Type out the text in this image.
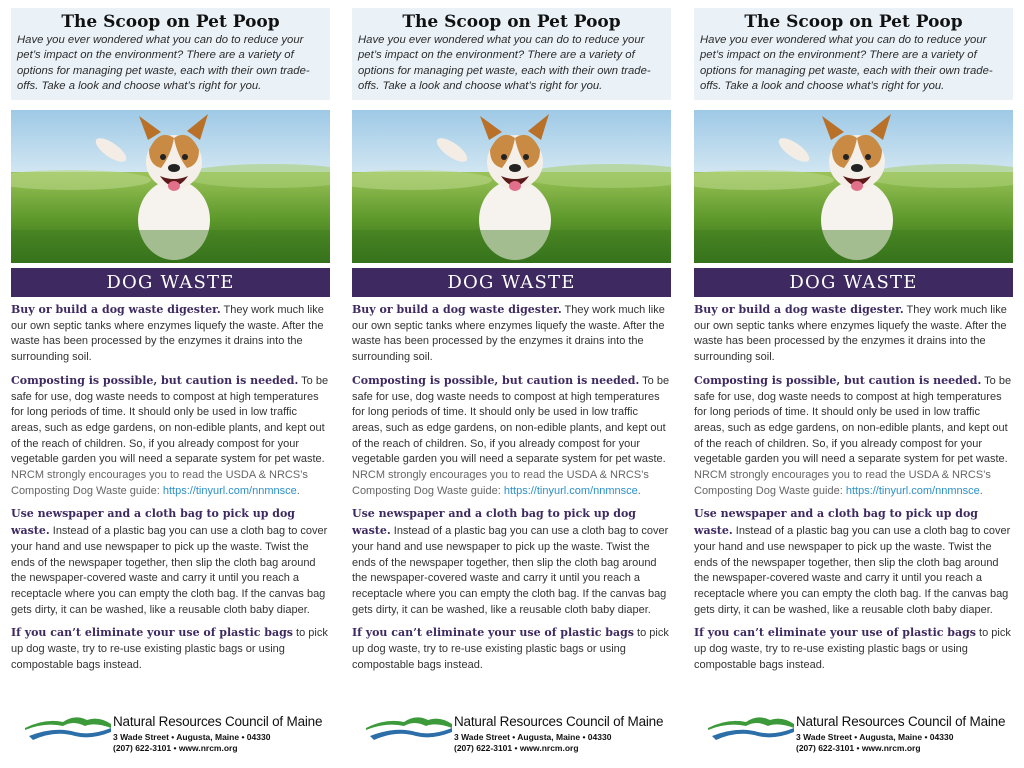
The Scoop on Pet Poop

Have you ever wondered what you can do to reduce your pet’s impact on the environment? There are a variety of options for managing pet waste, each with their own trade-offs. Take a look and choose what’s right for you.

DOG WASTE

Buy or build a dog waste digester. They work much like our own septic tanks where enzymes liquefy the waste. After the waste has been processed by the enzymes it drains into the surrounding soil.

Composting is possible, but caution is needed. To be safe for use, dog waste needs to compost at high temperatures for long periods of time. It should only be used in low traffic areas, such as edge gardens, on non-edible plants, and kept out of the reach of children. So, if you already compost for your vegetable garden you will need a separate system for pet waste. NRCM strongly encourages you to read the USDA & NRCS’s Composting Dog Waste guide: https://tinyurl.com/nnmnsce.

Use newspaper and a cloth bag to pick up dog waste. Instead of a plastic bag you can use a cloth bag to cover your hand and use newspaper to pick up the waste. Twist the ends of the newspaper together, then slip the cloth bag around the newspaper-covered waste and carry it until you reach a receptacle where you can empty the cloth bag. If the canvas bag gets dirty, it can be washed, like a reusable cloth baby diaper.

If you can’t eliminate your use of plastic bags to pick up dog waste, try to re-use existing plastic bags or using compostable bags instead.

Natural Resources Council of Maine
3 Wade Street • Augusta, Maine • 04330
(207) 622-3101 • www.nrcm.org
The Scoop on Pet Poop

Have you ever wondered what you can do to reduce your pet’s impact on the environment? There are a variety of options for managing pet waste, each with their own trade-offs. Take a look and choose what’s right for you.

DOG WASTE

Buy or build a dog waste digester. They work much like our own septic tanks where enzymes liquefy the waste. After the waste has been processed by the enzymes it drains into the surrounding soil.

Composting is possible, but caution is needed. To be safe for use, dog waste needs to compost at high temperatures for long periods of time. It should only be used in low traffic areas, such as edge gardens, on non-edible plants, and kept out of the reach of children. So, if you already compost for your vegetable garden you will need a separate system for pet waste. NRCM strongly encourages you to read the USDA & NRCS’s Composting Dog Waste guide: https://tinyurl.com/nnmnsce.

Use newspaper and a cloth bag to pick up dog waste. Instead of a plastic bag you can use a cloth bag to cover your hand and use newspaper to pick up the waste. Twist the ends of the newspaper together, then slip the cloth bag around the newspaper-covered waste and carry it until you reach a receptacle where you can empty the cloth bag. If the canvas bag gets dirty, it can be washed, like a reusable cloth baby diaper.

If you can’t eliminate your use of plastic bags to pick up dog waste, try to re-use existing plastic bags or using compostable bags instead.

Natural Resources Council of Maine
3 Wade Street • Augusta, Maine • 04330
(207) 622-3101 • www.nrcm.org
The Scoop on Pet Poop

Have you ever wondered what you can do to reduce your pet’s impact on the environment? There are a variety of options for managing pet waste, each with their own trade-offs. Take a look and choose what’s right for you.

DOG WASTE

Buy or build a dog waste digester. They work much like our own septic tanks where enzymes liquefy the waste. After the waste has been processed by the enzymes it drains into the surrounding soil.

Composting is possible, but caution is needed. To be safe for use, dog waste needs to compost at high temperatures for long periods of time. It should only be used in low traffic areas, such as edge gardens, on non-edible plants, and kept out of the reach of children. So, if you already compost for your vegetable garden you will need a separate system for pet waste. NRCM strongly encourages you to read the USDA & NRCS’s Composting Dog Waste guide: https://tinyurl.com/nnmnsce.

Use newspaper and a cloth bag to pick up dog waste. Instead of a plastic bag you can use a cloth bag to cover your hand and use newspaper to pick up the waste. Twist the ends of the newspaper together, then slip the cloth bag around the newspaper-covered waste and carry it until you reach a receptacle where you can empty the cloth bag. If the canvas bag gets dirty, it can be washed, like a reusable cloth baby diaper.

If you can’t eliminate your use of plastic bags to pick up dog waste, try to re-use existing plastic bags or using compostable bags instead.

Natural Resources Council of Maine
3 Wade Street • Augusta, Maine • 04330
(207) 622-3101 • www.nrcm.org
